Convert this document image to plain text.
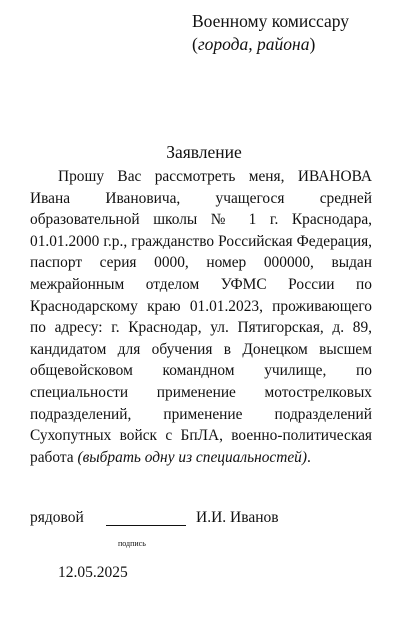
Военному комиссару
(города, района)
Заявление
Прошу Вас рассмотреть меня, ИВАНОВА Ивана Ивановича, учащегося средней образовательной школы № 1 г. Краснодара, 01.01.2000 г.р., гражданство Российская Федерация, паспорт серия 0000, номер 000000, выдан межрайонным отделом УФМС России по Краснодарскому краю 01.01.2023, проживающего по адресу: г. Краснодар, ул. Пятигорская, д. 89, кандидатом для обучения в Донецком высшем общевойсковом командном училище, по специальности применение мотострелковых подразделений, применение подразделений Сухопутных войск с БпЛА, военно-политическая работа (выбрать одну из специальностей).
рядовой	И.И. Иванов
подпись
12.05.2025
